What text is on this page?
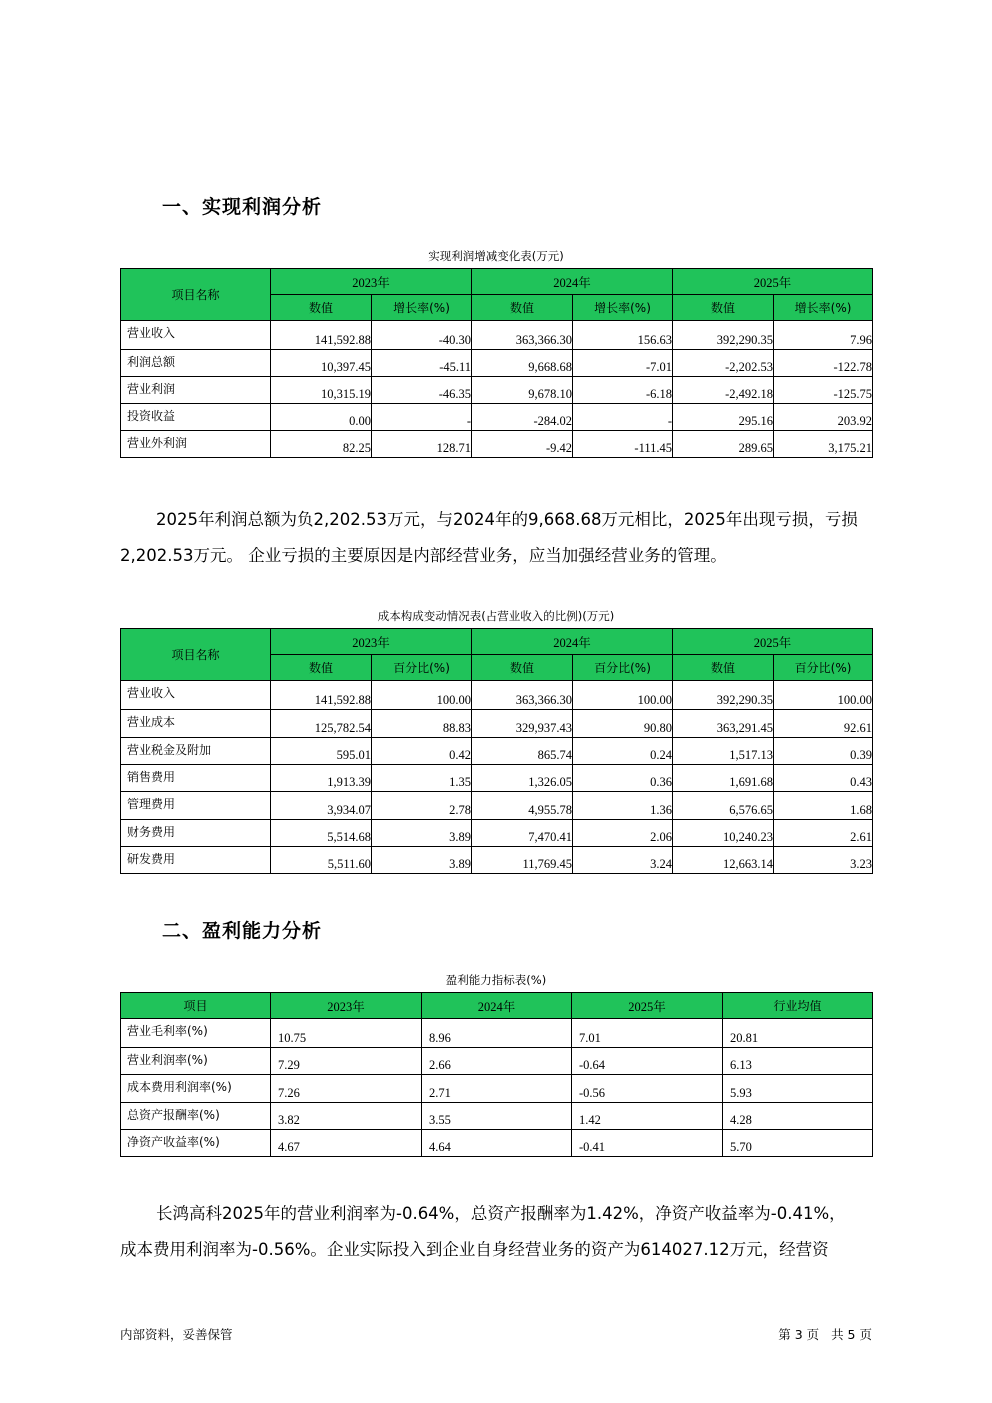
一、实现利润分析
实现利润增减变化表(万元)
项目名称	2023年		2024年		2025年	
	数值	增长率(%)	数值	增长率(%)	数值	增长率(%)
营业收入	141,592.88	-40.30	363,366.30	156.63	392,290.35	7.96
利润总额	10,397.45	-45.11	9,668.68	-7.01	-2,202.53	-122.78
营业利润	10,315.19	-46.35	9,678.10	-6.18	-2,492.18	-125.75
投资收益	0.00	-	-284.02	-	295.16	203.92
营业外利润	82.25	128.71	-9.42	-111.45	289.65	3,175.21
2025年利润总额为负2,202.53万元，与2024年的9,668.68万元相比，2025年出现亏损，亏损
2,202.53万元。 企业亏损的主要原因是内部经营业务，应当加强经营业务的管理。
成本构成变动情况表(占营业收入的比例)(万元)
项目名称	2023年		2024年		2025年	
	数值	百分比(%)	数值	百分比(%)	数值	百分比(%)
营业收入	141,592.88	100.00	363,366.30	100.00	392,290.35	100.00
营业成本	125,782.54	88.83	329,937.43	90.80	363,291.45	92.61
营业税金及附加	595.01	0.42	865.74	0.24	1,517.13	0.39
销售费用	1,913.39	1.35	1,326.05	0.36	1,691.68	0.43
管理费用	3,934.07	2.78	4,955.78	1.36	6,576.65	1.68
财务费用	5,514.68	3.89	7,470.41	2.06	10,240.23	2.61
研发费用	5,511.60	3.89	11,769.45	3.24	12,663.14	3.23
二、盈利能力分析
盈利能力指标表(%)
项目	2023年	2024年	2025年	行业均值
营业毛利率(%)	10.75	8.96	7.01	20.81
营业利润率(%)	7.29	2.66	-0.64	6.13
成本费用利润率(%)	7.26	2.71	-0.56	5.93
总资产报酬率(%)	3.82	3.55	1.42	4.28
净资产收益率(%)	4.67	4.64	-0.41	5.70
长鸿高科2025年的营业利润率为-0.64%，总资产报酬率为1.42%，净资产收益率为-0.41%，
成本费用利润率为-0.56%。企业实际投入到企业自身经营业务的资产为614027.12万元，经营资
内部资料，妥善保管	第 3 页   共 5 页
